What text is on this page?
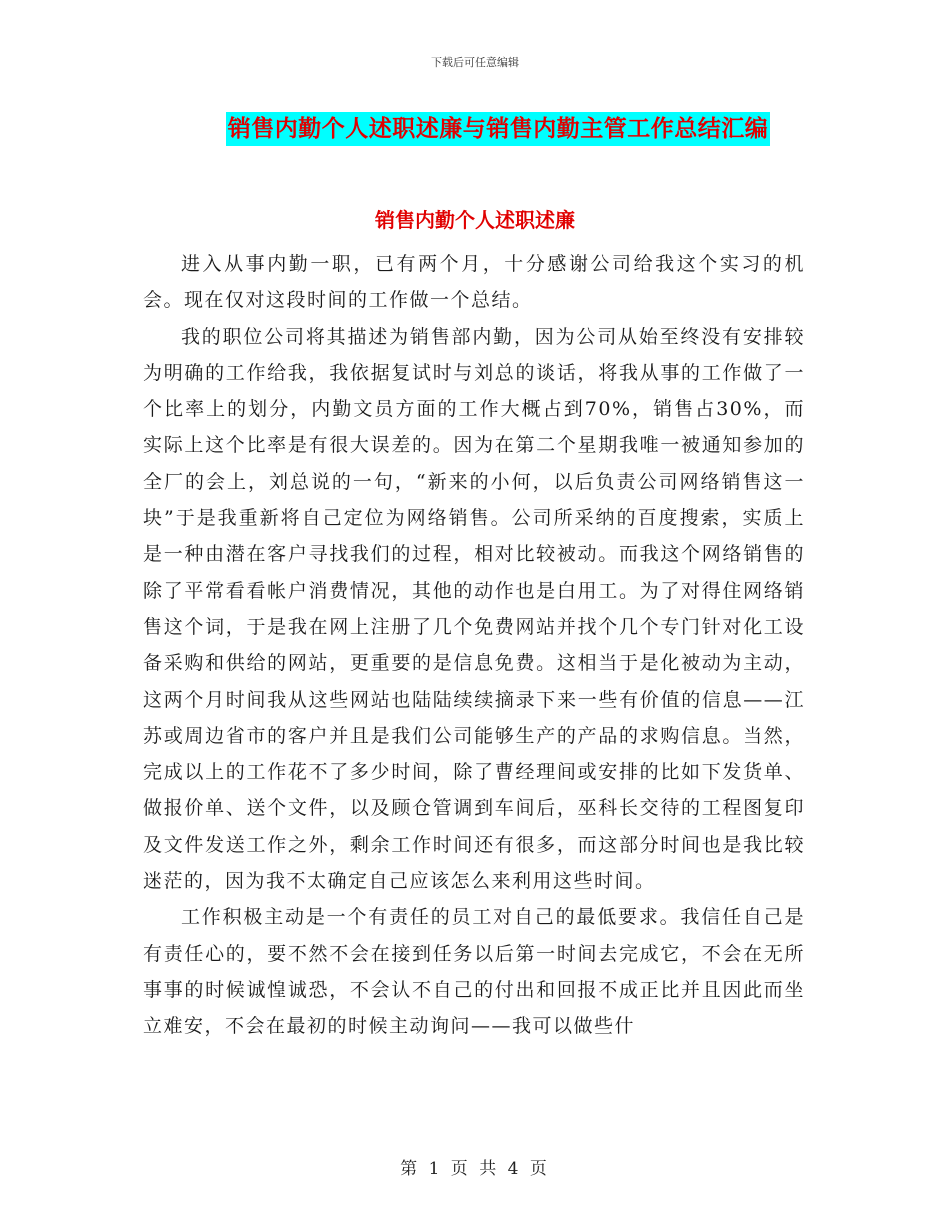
下载后可任意编辑
销售内勤个人述职述廉与销售内勤主管工作总结汇编
销售内勤个人述职述廉

进入从事内勤一职，已有两个月，十分感谢公司给我这个实习的机会。现在仅对这段时间的工作做一个总结。

我的职位公司将其描述为销售部内勤，因为公司从始至终没有安排较为明确的工作给我，我依据复试时与刘总的谈话，将我从事的工作做了一个比率上的划分，内勤文员方面的工作大概占到70%，销售占30%，而实际上这个比率是有很大误差的。因为在第二个星期我唯一被通知参加的全厂的会上，刘总说的一句，“新来的小何，以后负责公司网络销售这一块”于是我重新将自己定位为网络销售。公司所采纳的百度搜索，实质上是一种由潜在客户寻找我们的过程，相对比较被动。而我这个网络销售的除了平常看看帐户消费情况，其他的动作也是白用工。为了对得住网络销售这个词，于是我在网上注册了几个免费网站并找个几个专门针对化工设备采购和供给的网站，更重要的是信息免费。这相当于是化被动为主动，这两个月时间我从这些网站也陆陆续续摘录下来一些有价值的信息——江苏或周边省市的客户并且是我们公司能够生产的产品的求购信息。当然，完成以上的工作花不了多少时间，除了曹经理间或安排的比如下发货单、做报价单、送个文件，以及顾仓管调到车间后，巫科长交待的工程图复印及文件发送工作之外，剩余工作时间还有很多，而这部分时间也是我比较迷茫的，因为我不太确定自己应该怎么来利用这些时间。

工作积极主动是一个有责任的员工对自己的最低要求。我信任自己是有责任心的，要不然不会在接到任务以后第一时间去完成它，不会在无所事事的时候诚惶诚恐，不会认不自己的付出和回报不成正比并且因此而坐立难安，不会在最初的时候主动询问——我可以做些什

第 1 页 共 4 页
